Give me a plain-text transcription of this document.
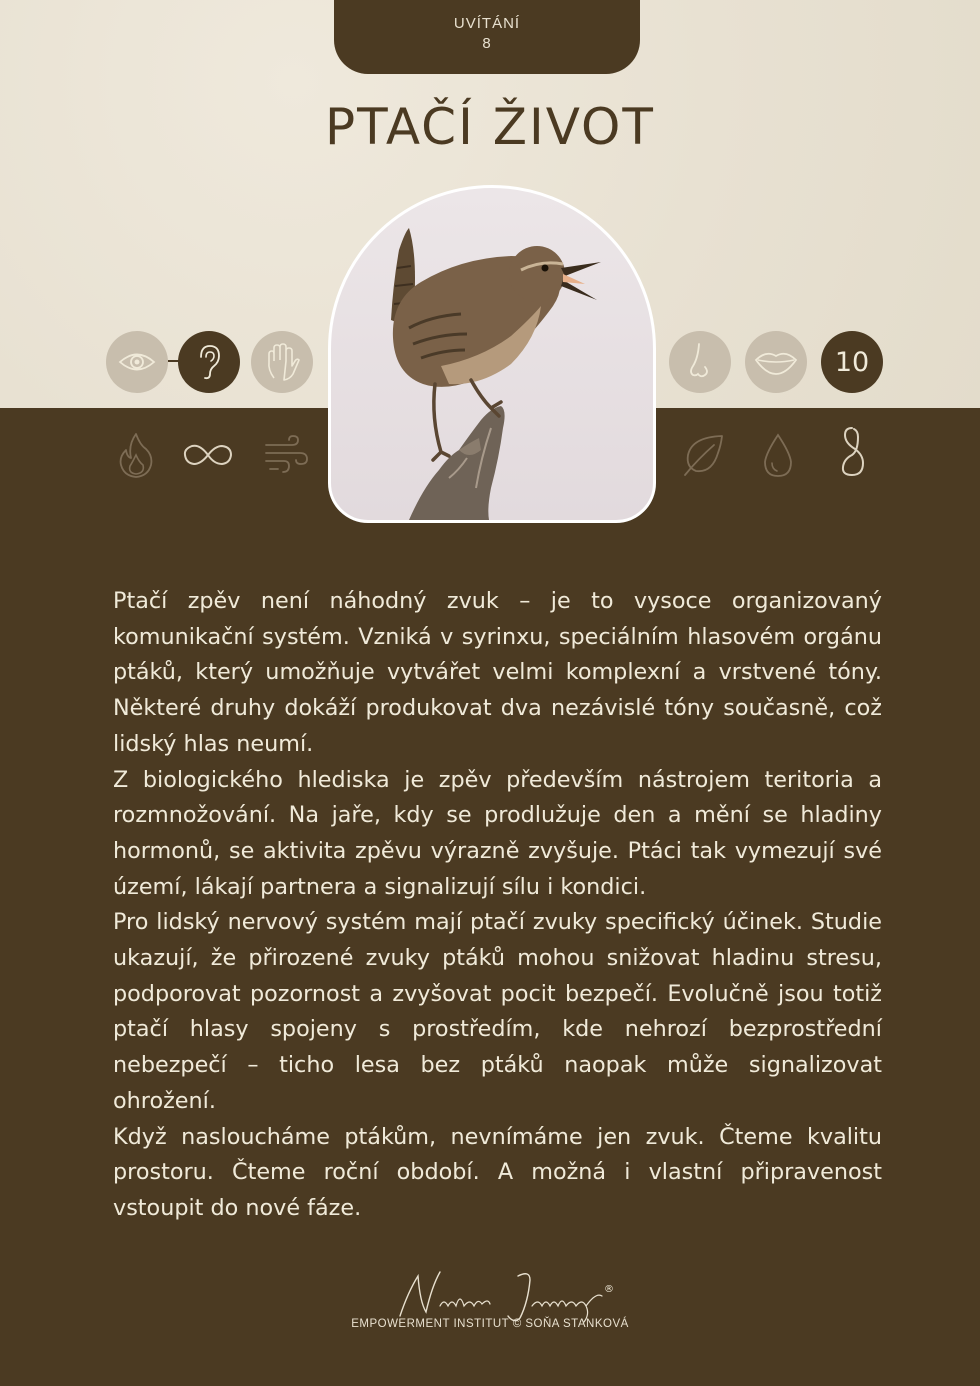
UVÍTÁNÍ
8
PTAČÍ ŽIVOT
10

Ptačí zpěv není náhodný zvuk – je to vysoce organizovaný komunikační systém. Vzniká v syrinxu, speciálním hlasovém orgánu ptáků, který umožňuje vytvářet velmi komplexní a vrstvené tóny. Některé druhy dokáží produkovat dva nezávislé tóny současně, což lidský hlas neumí.

Z biologického hlediska je zpěv především nástrojem teritoria a rozmnožování. Na jaře, kdy se prodlužuje den a mění se hladiny hormonů, se aktivita zpěvu výrazně zvyšuje. Ptáci tak vymezují své území, lákají partnera a signalizují sílu i kondici.

Pro lidský nervový systém mají ptačí zvuky specifický účinek. Studie ukazují, že přirozené zvuky ptáků mohou snižovat hladinu stresu, podporovat pozornost a zvyšovat pocit bezpečí. Evolučně jsou totiž ptačí hlasy spojeny s prostředím, kde nehrozí bezprostřední nebezpečí – ticho lesa bez ptáků naopak může signalizovat ohrožení.

Když nasloucháme ptákům, nevnímáme jen zvuk. Čteme kvalitu prostoru. Čteme roční období. A možná i vlastní připravenost vstoupit do nové fáze.

®
EMPOWERMENT INSTITUT © SOŇA STANKOVÁ
